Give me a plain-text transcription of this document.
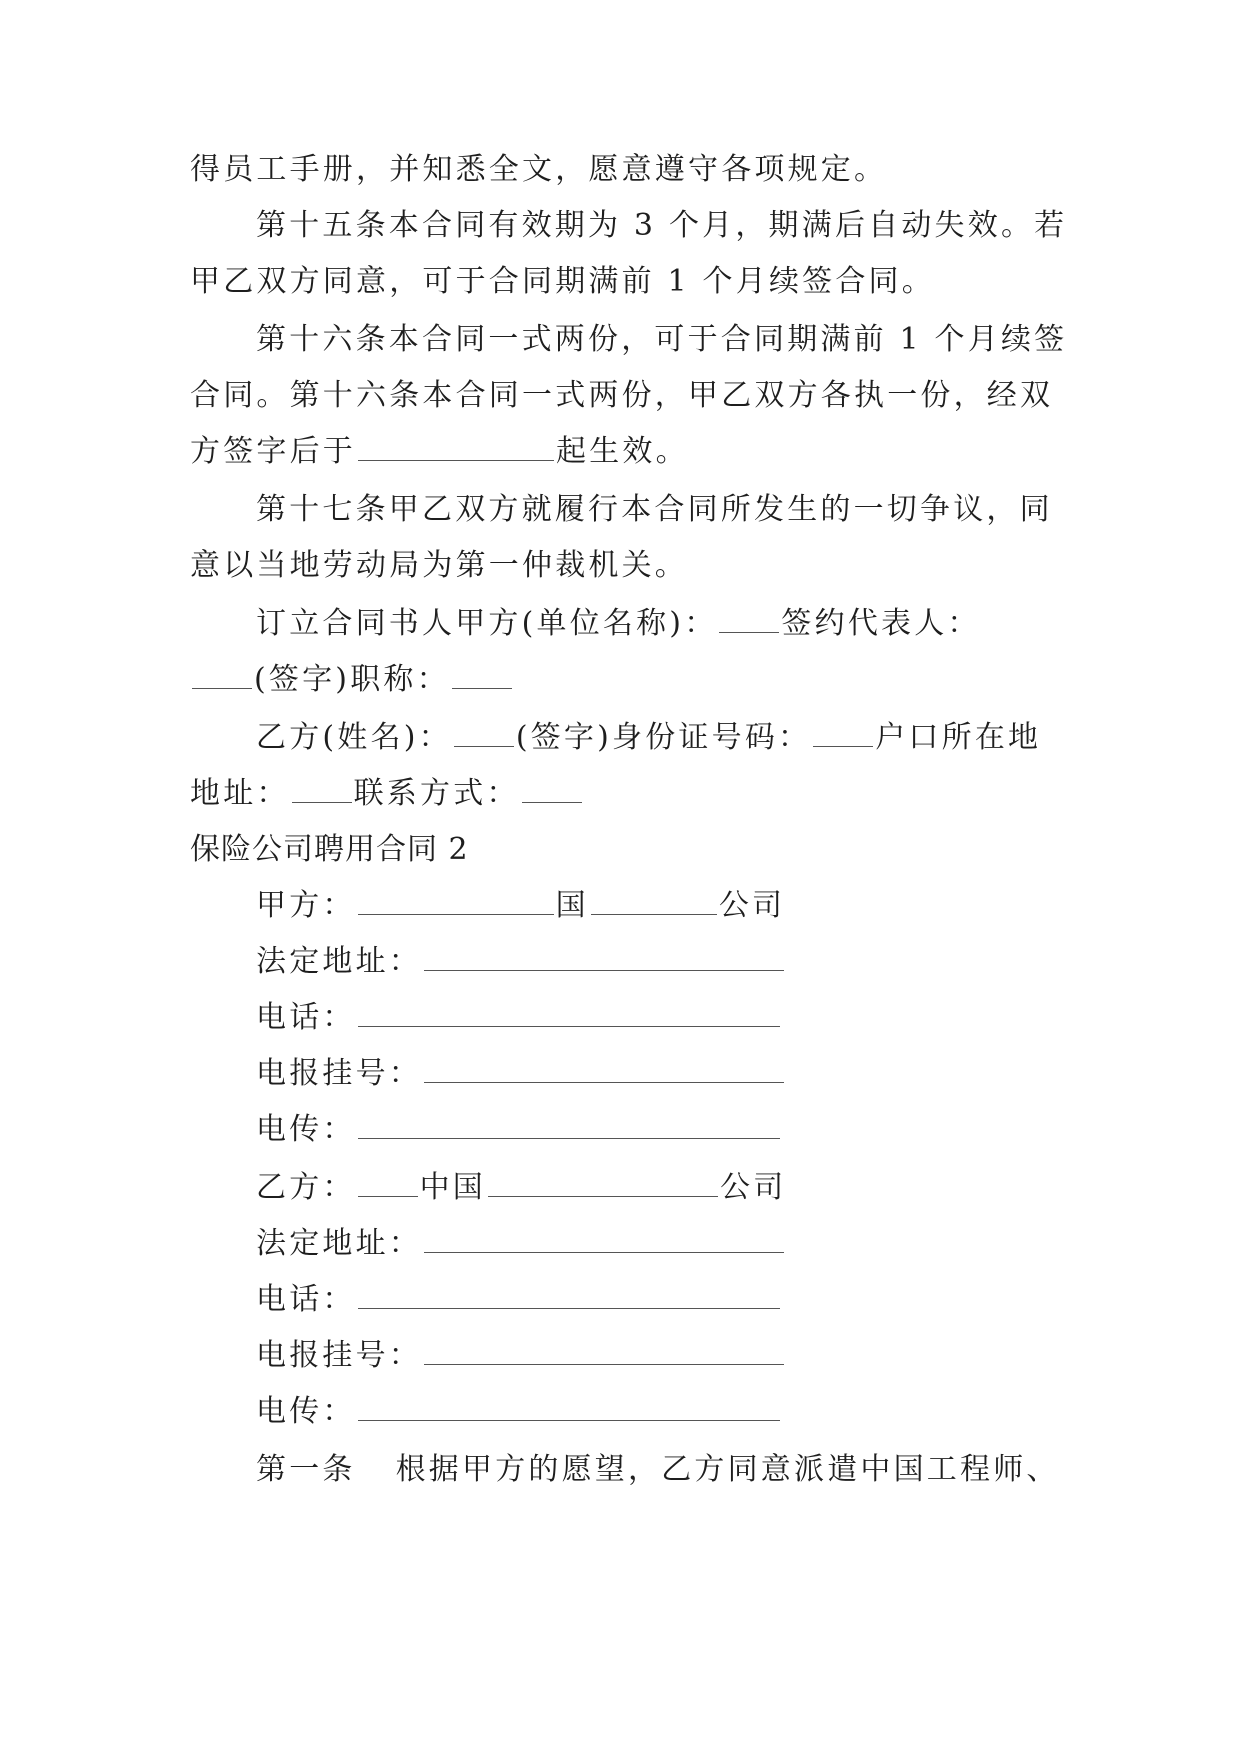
得员工手册，并知悉全文，愿意遵守各项规定。
第十五条本合同有效期为 3 个月，期满后自动失效。若
甲乙双方同意，可于合同期满前 1 个月续签合同。
第十六条本合同一式两份，可于合同期满前 1 个月续签
合同。第十六条本合同一式两份，甲乙双方各执一份，经双
方签字后于	起生效。
第十七条甲乙双方就履行本合同所发生的一切争议，同
意以当地劳动局为第一仲裁机关。
订立合同书人甲方(单位名称)： 签约代表人：
(签字)职称：
乙方(姓名)： (签字)身份证号码： 户口所在地
地址： 联系方式：
保险公司聘用合同 2
甲方：	国	公司
法定地址：
电话：
电报挂号：
电传：
乙方： 中国	公司
法定地址：
电话：
电报挂号：
电传：
第一条 根据甲方的愿望，乙方同意派遣中国工程师、
